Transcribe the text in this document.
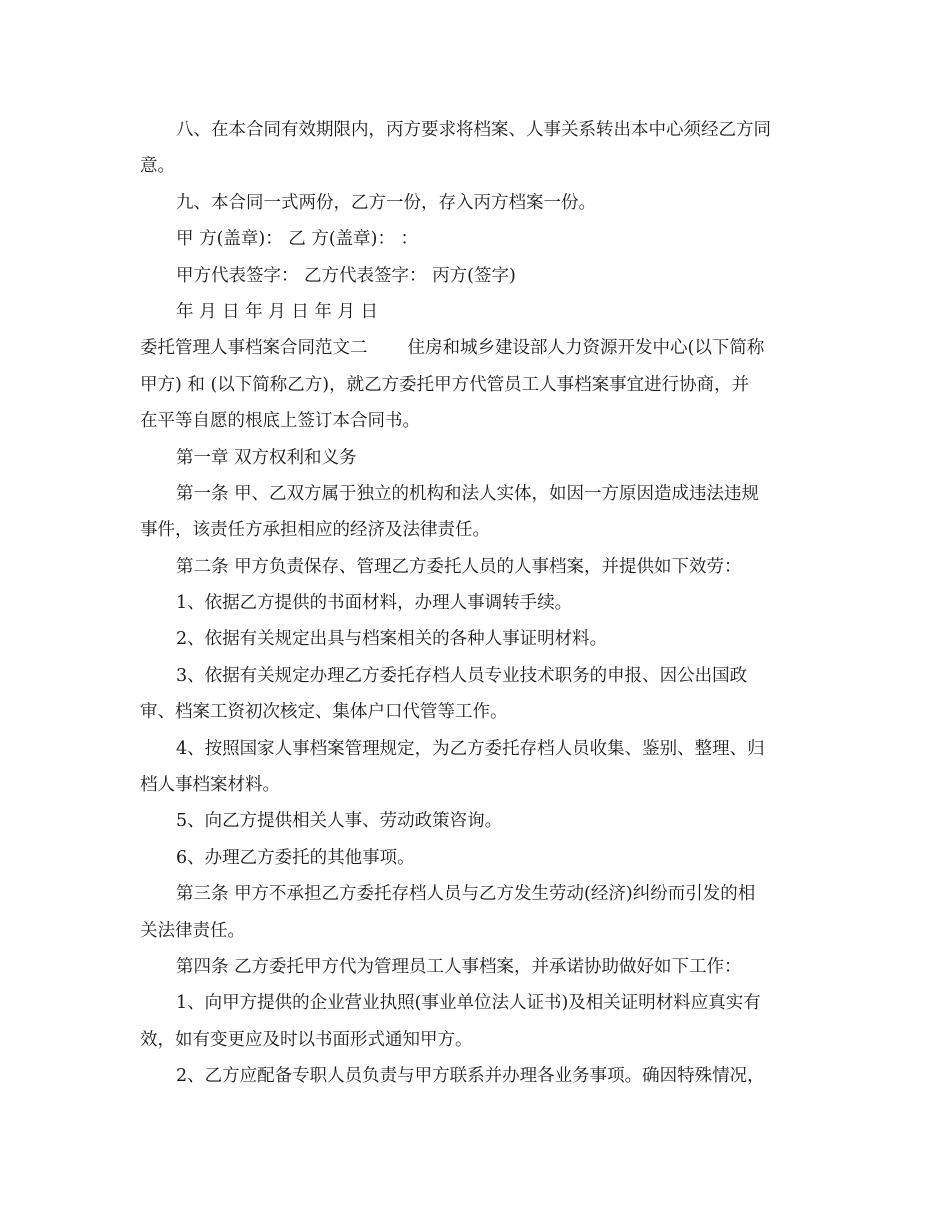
八、在本合同有效期限内，丙方要求将档案、人事关系转出本中心须经乙方同
意。
九、本合同一式两份，乙方一份，存入丙方档案一份。
甲 方(盖章)： 乙 方(盖章)： ：
甲方代表签字： 乙方代表签字： 丙方(签字)
年 月 日 年 月 日 年 月 日
委托管理人事档案合同范文二 住房和城乡建设部人力资源开发中心(以下简称
甲方) 和 (以下简称乙方)，就乙方委托甲方代管员工人事档案事宜进行协商，并
在平等自愿的根底上签订本合同书。
第一章 双方权利和义务
第一条 甲、乙双方属于独立的机构和法人实体，如因一方原因造成违法违规
事件，该责任方承担相应的经济及法律责任。
第二条 甲方负责保存、管理乙方委托人员的人事档案，并提供如下效劳：
1、依据乙方提供的书面材料，办理人事调转手续。
2、依据有关规定出具与档案相关的各种人事证明材料。
3、依据有关规定办理乙方委托存档人员专业技术职务的申报、因公出国政
审、档案工资初次核定、集体户口代管等工作。
4、按照国家人事档案管理规定，为乙方委托存档人员收集、鉴别、整理、归
档人事档案材料。
5、向乙方提供相关人事、劳动政策咨询。
6、办理乙方委托的其他事项。
第三条 甲方不承担乙方委托存档人员与乙方发生劳动(经济)纠纷而引发的相
关法律责任。
第四条 乙方委托甲方代为管理员工人事档案，并承诺协助做好如下工作：
1、向甲方提供的企业营业执照(事业单位法人证书)及相关证明材料应真实有
效，如有变更应及时以书面形式通知甲方。
2、乙方应配备专职人员负责与甲方联系并办理各业务事项。确因特殊情况，
